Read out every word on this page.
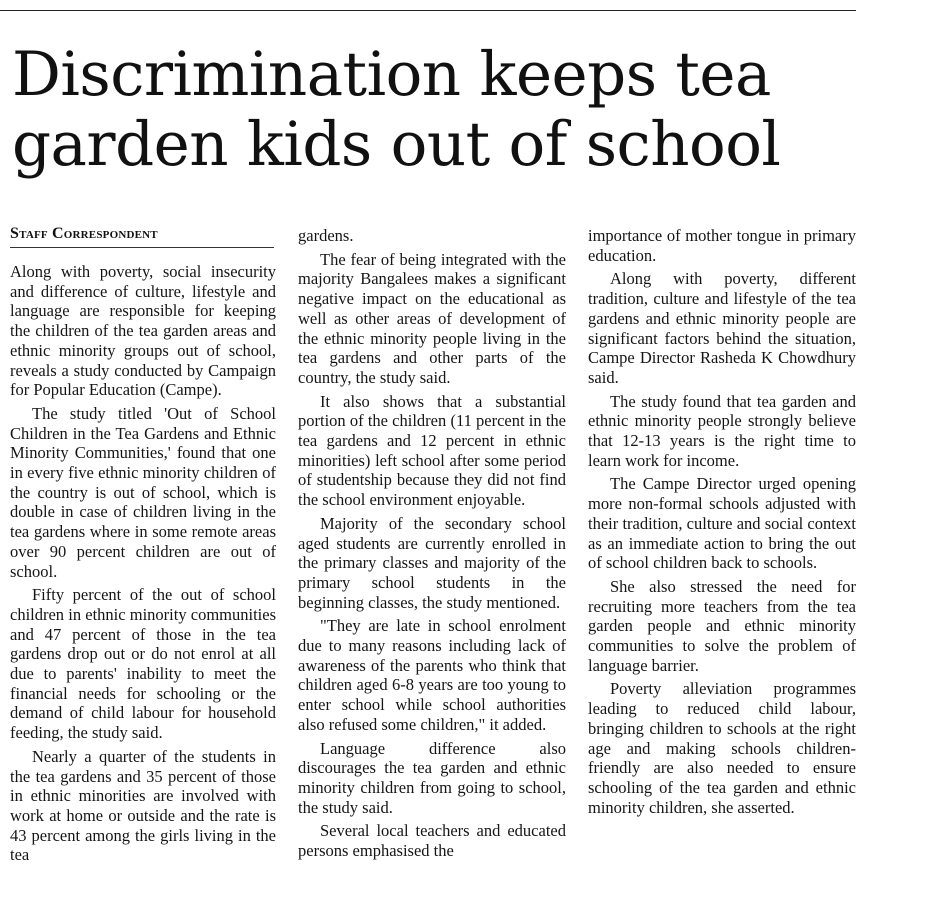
Discrimination keeps tea garden kids out of school
Staff Correspondent

Along with poverty, social insecurity and difference of culture, lifestyle and language are responsible for keeping the children of the tea garden areas and ethnic minority groups out of school, reveals a study conducted by Campaign for Popular Education (Campe).

The study titled 'Out of School Children in the Tea Gardens and Ethnic Minority Communities,' found that one in every five ethnic minority children of the country is out of school, which is double in case of children living in the tea gardens where in some remote areas over 90 percent children are out of school.

Fifty percent of the out of school children in ethnic minority communities and 47 percent of those in the tea gardens drop out or do not enrol at all due to parents' inability to meet the financial needs for schooling or the demand of child labour for household feeding, the study said.

Nearly a quarter of the students in the tea gardens and 35 percent of those in ethnic minorities are involved with work at home or outside and the rate is 43 percent among the girls living in the tea

gardens.

The fear of being integrated with the majority Bangalees makes a significant negative impact on the educational as well as other areas of development of the ethnic minority people living in the tea gardens and other parts of the country, the study said.

It also shows that a substantial portion of the children (11 percent in the tea gardens and 12 percent in ethnic minorities) left school after some period of studentship because they did not find the school environment enjoyable.

Majority of the secondary school aged students are currently enrolled in the primary classes and majority of the primary school students in the beginning classes, the study mentioned.

"They are late in school enrolment due to many reasons including lack of awareness of the parents who think that children aged 6-8 years are too young to enter school while school authorities also refused some children," it added.

Language difference also discourages the tea garden and ethnic minority children from going to school, the study said.

Several local teachers and educated persons emphasised the

importance of mother tongue in primary education.

Along with poverty, different tradition, culture and lifestyle of the tea gardens and ethnic minority people are significant factors behind the situation, Campe Director Rasheda K Chowdhury said.

The study found that tea garden and ethnic minority people strongly believe that 12-13 years is the right time to learn work for income.

The Campe Director urged opening more non-formal schools adjusted with their tradition, culture and social context as an immediate action to bring the out of school children back to schools.

She also stressed the need for recruiting more teachers from the tea garden people and ethnic minority communities to solve the problem of language barrier.

Poverty alleviation programmes leading to reduced child labour, bringing children to schools at the right age and making schools children-friendly are also needed to ensure schooling of the tea garden and ethnic minority children, she asserted.
